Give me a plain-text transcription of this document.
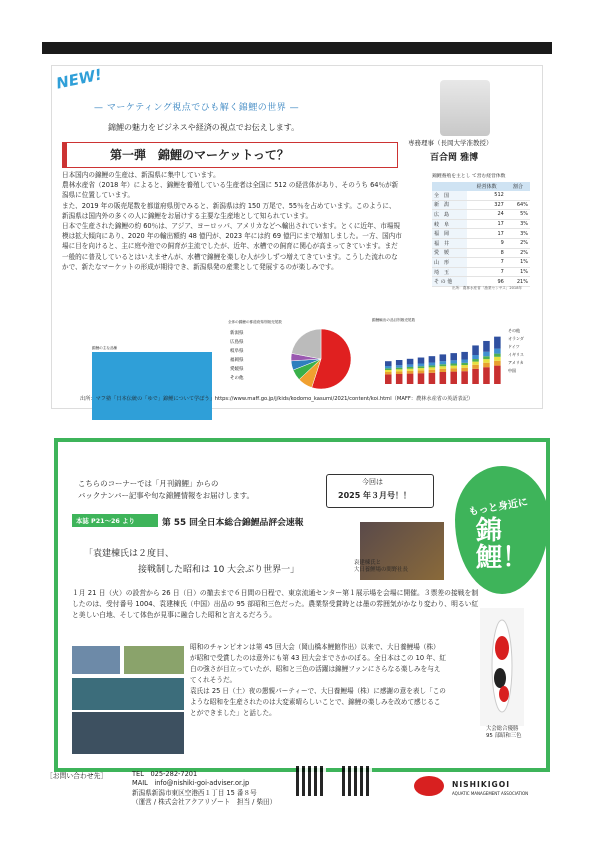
NEW!
— マーケティング視点でひも解く錦鯉の世界 —
錦鯉の魅力をビジネスや経済の視点でお伝えします。
第一弾　錦鯉のマーケットって？
専務理事（長岡大学准教授）
百合岡 雅博

日本国内の錦鯉の生産は、新潟県に集中しています。

農林水産省（2018 年）によると、錦鯉を養殖している生産者は全国に 512 の経営体があり、そのうち 64％が新潟県に位置しています。

また、2019 年の販売尾数を都道府県別でみると、新潟県は約 150 万尾で、55％を占めています。このように、新潟県は国内外の多くの人に錦鯉をお届けする主要な生産地として知られています。

日本で生産された錦鯉の約 60％は、アジア、ヨーロッパ、アメリカなどへ輸出されています。とくに近年、市場規模は拡大傾向にあり、2020 年の輸出額約 48 億円が、2023 年には約 69 億円にまで増加しました。一方、国内市場に目を向けると、主に庭や池での飼育が主流でしたが、近年、水槽での飼育に関心が高まってきています。まだ一般的に普及しているとはいえませんが、水槽で錦鯉を楽しむ人が少しずつ増えてきています。こうした流れのなかで、新たなマーケットの形成が期待でき、新潟県発の産業として発展するのが楽しみです。

錦鯉養殖を主とし て営む経営体数
	経営体数	割合
全　国	512	
新　潟	327	64%
広　島	24	5%
岐　阜	17	3%
福　岡	17	3%
福　井	9	2%
愛　媛	8	2%
山　形	7	1%
埼　玉	7	1%
そ の 他	96	21%
出所：農林水産省「漁業センサス」2018年
錦鯉の主な品種
全体の錦鯉の都道府県別販売尾数
新潟県
広島県
岐阜県
福岡県
愛媛県
その他
錦鯉輸出の品目別販売尾数
その他
オランダ
ドイツ
イギリス
アメリカ
中国
出所：マフ塾「日本伝統の「ゆで」錦鯉について学ぼう」https://www.maff.go.jp/j/kids/kodomo_kasumi/2021/content/koi.html（MAFF：農林水産省の英語表記）
こちらのコーナーでは「月刊錦鯉」からの
バックナンバー記事や旬な錦鯉情報をお届けします。
今回は
2025 年３月号！！
もっと身近に
錦鯉！
本誌 P21〜26 より	第 55 回全日本総合錦鯉品評会速報
「袁建棟氏は２度目、
接戦制した昭和は 10 大会ぶり世界一」
袁建棟氏と
大日養鯉場の間野社長

１月 21 日（火）の設営から 26 日（日）の撤去まで６日間の日程で、東京流通センター第１展示場を会場に開催。３票差の接戦を制したのは、受付番号 1004、袁建棟氏（中国）出品の 95 部昭和三色だった。農業祭受賞時とは墨の雰囲気がかなり変わり、明るい紅と美しい白地、そして体色が見事に融合した昭和と言えるだろう。

昭和のチャンピオンは第 45 回大会（岡山橋本鯉館作出）以来で、大日養鯉場（株）が昭和で受賞したのは意外にも第 43 回大会までさかのぼる。全日本はこの 10 年、紅白の強さが目立っていたが、昭和と三色の活躍は錦鯉ファンにさらなる楽しみを与えてくれそうだ。

袁氏は 25 日（土）夜の懇親パーティーで、大日養鯉場（株）に感謝の意を表し「このような昭和を生産されたのは大変素晴らしいことで、錦鯉の楽しみを改めて感じることができました」と話した。

大会総合優勝
95 部昭和三色
［お問い合わせ先］	TEL　025-282-7201
MAIL　info@nishiki-goi-adviser.or.jp
新潟県新潟市東区空港西１丁目 15 番８号
（運営 / 株式会社アクアリゾート　担当 / 柴田）
NISHIKIGOI
AQUATIC MANAGEMENT ASSOCIATION
